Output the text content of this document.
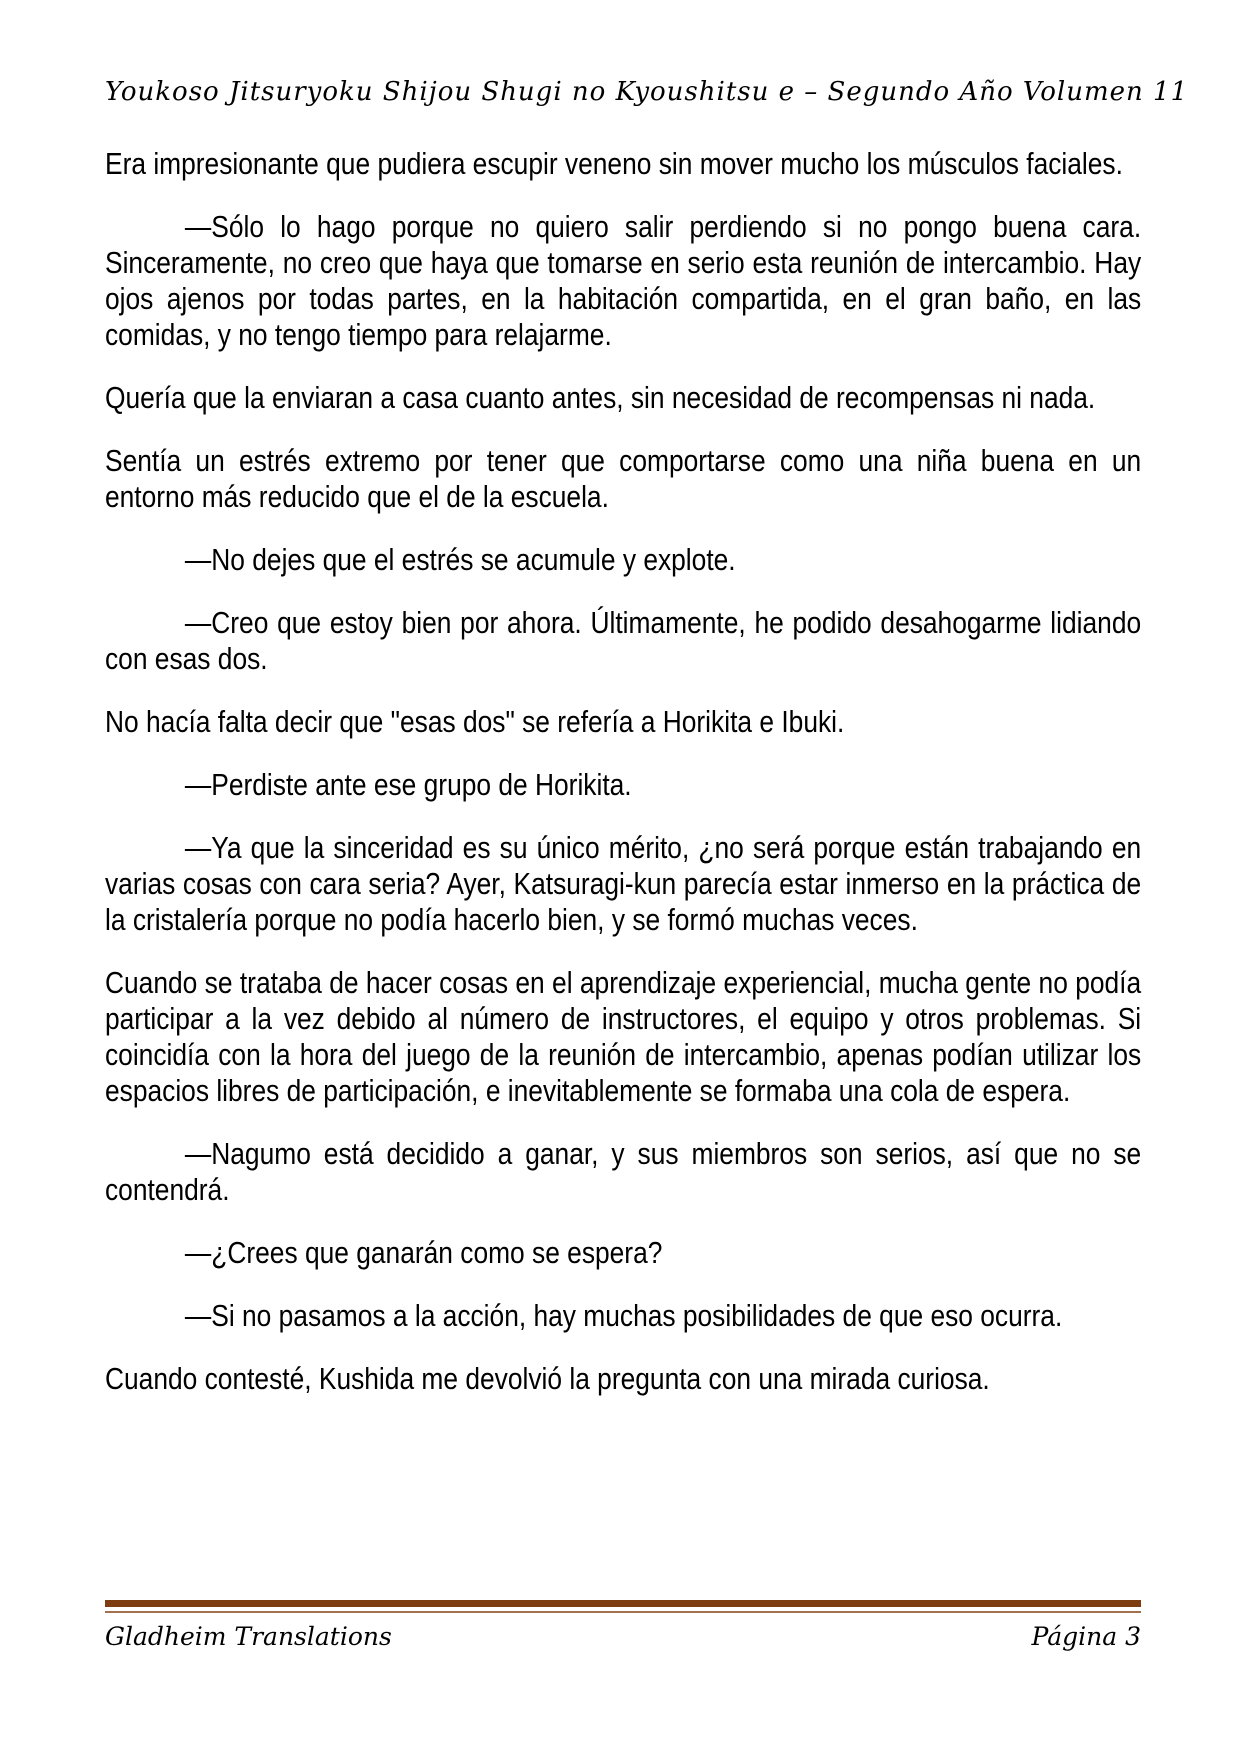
Youkoso Jitsuryoku Shijou Shugi no Kyoushitsu e – Segundo Año Volumen 11

Era impresionante que pudiera escupir veneno sin mover mucho los músculos faciales.

—Sólo lo hago porque no quiero salir perdiendo si no pongo buena cara. Sinceramente, no creo que haya que tomarse en serio esta reunión de intercambio. Hay ojos ajenos por todas partes, en la habitación compartida, en el gran baño, en las comidas, y no tengo tiempo para relajarme.

Quería que la enviaran a casa cuanto antes, sin necesidad de recompensas ni nada.

Sentía un estrés extremo por tener que comportarse como una niña buena en un entorno más reducido que el de la escuela.

—No dejes que el estrés se acumule y explote.

—Creo que estoy bien por ahora. Últimamente, he podido desahogarme lidiando con esas dos.

No hacía falta decir que "esas dos" se refería a Horikita e Ibuki.

—Perdiste ante ese grupo de Horikita.

—Ya que la sinceridad es su único mérito, ¿no será porque están trabajando en varias cosas con cara seria? Ayer, Katsuragi-kun parecía estar inmerso en la práctica de la cristalería porque no podía hacerlo bien, y se formó muchas veces.

Cuando se trataba de hacer cosas en el aprendizaje experiencial, mucha gente no podía participar a la vez debido al número de instructores, el equipo y otros problemas. Si coincidía con la hora del juego de la reunión de intercambio, apenas podían utilizar los espacios libres de participación, e inevitablemente se formaba una cola de espera.

—Nagumo está decidido a ganar, y sus miembros son serios, así que no se contendrá.

—¿Crees que ganarán como se espera?

—Si no pasamos a la acción, hay muchas posibilidades de que eso ocurra.

Cuando contesté, Kushida me devolvió la pregunta con una mirada curiosa.

Gladheim Translations	Página 3
